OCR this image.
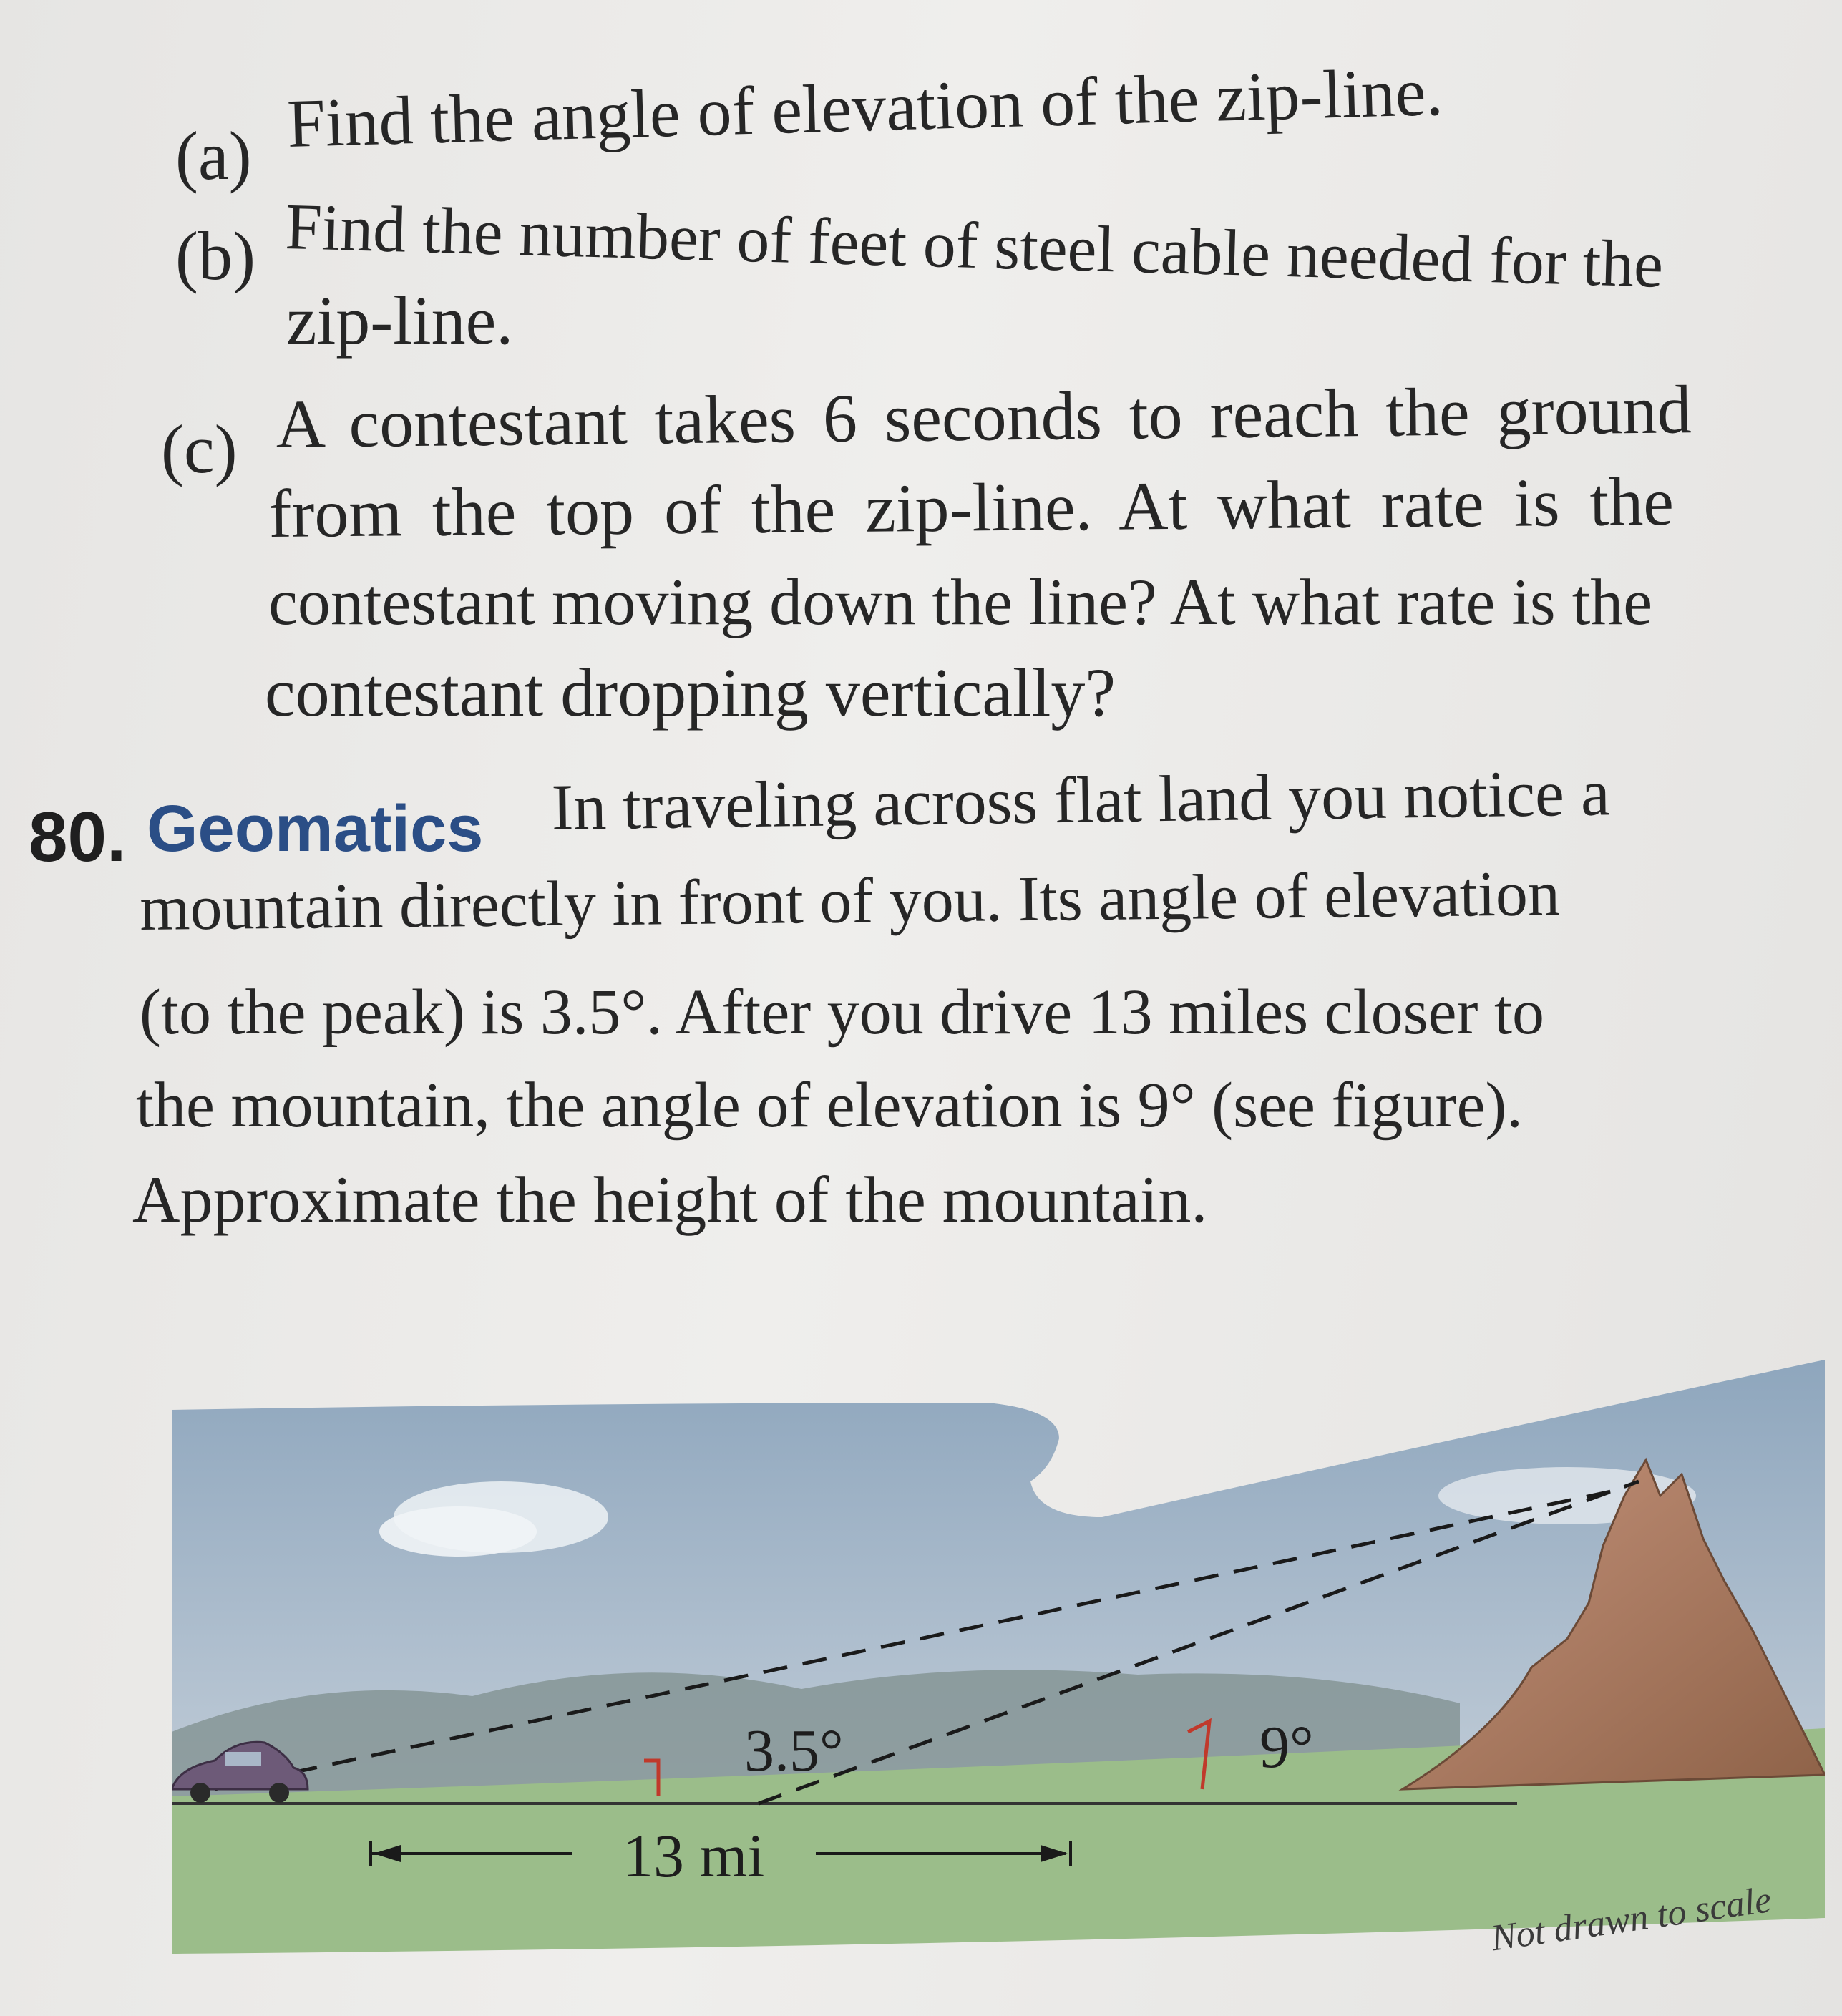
(a) Find the angle of elevation of the zip-line.
(b) Find the number of feet of steel cable needed for the
zip-line.
(c) A contestant takes 6 seconds to reach the ground
from the top of the zip-line. At what rate is the
contestant moving down the line? At what rate is the
contestant dropping vertically?
80. Geomatics In traveling across flat land you notice a
mountain directly in front of you. Its angle of elevation
(to the peak) is 3.5°. After you drive 13 miles closer to
the mountain, the angle of elevation is 9° (see figure).
Approximate the height of the mountain.
3.5°	9°
13 mi
Not drawn to scale
